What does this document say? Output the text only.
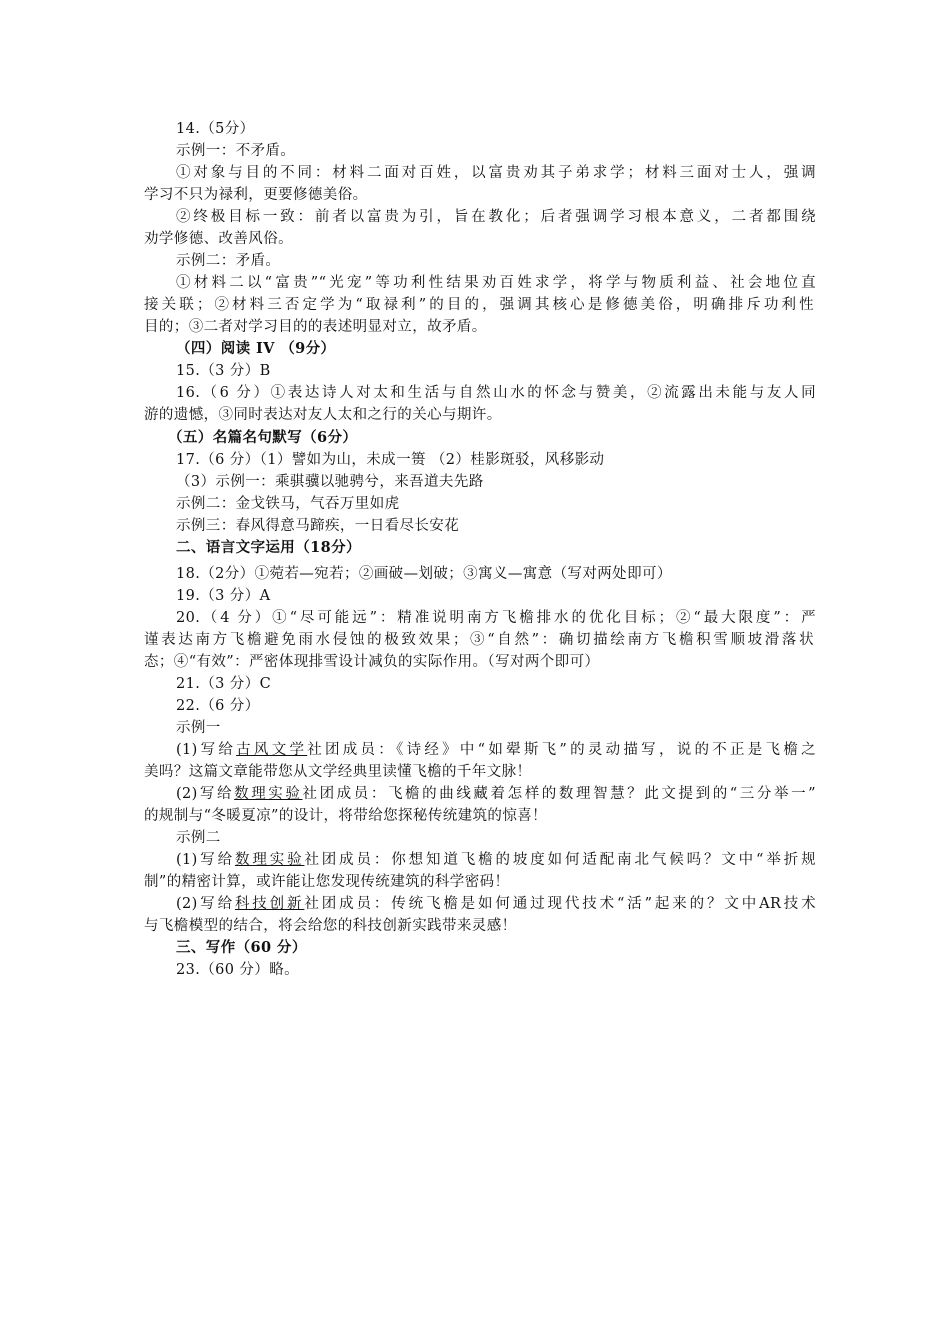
14.（5分）
示例一：不矛盾。
①对象与目的不同：材料二面对百姓，以富贵劝其子弟求学；材料三面对士人，强调
学习不只为禄利，更要修德美俗。
②终极目标一致：前者以富贵为引，旨在教化；后者强调学习根本意义，二者都围绕
劝学修德、改善风俗。
示例二：矛盾。
①材料二以“富贵”“光宠”等功利性结果劝百姓求学，将学与物质利益、社会地位直
接关联；②材料三否定学为“取禄利”的目的，强调其核心是修德美俗，明确排斥功利性
目的；③二者对学习目的的表述明显对立，故矛盾。
（四）阅读 IV （9分）
15.（3 分）B
16.（6 分）①表达诗人对太和生活与自然山水的怀念与赞美，②流露出未能与友人同
游的遗憾，③同时表达对友人太和之行的关心与期许。
（五）名篇名句默写（6分）
17.（6 分）（1）譬如为山，未成一篑 （2）桂影斑驳，风移影动
（3）示例一：乘骐骥以驰骋兮，来吾道夫先路
示例二：金戈铁马，气吞万里如虎
示例三：春风得意马蹄疾，一日看尽长安花
二、语言文字运用（18分）
18.（2分）①菀若—宛若；②画破—划破；③寓义—寓意（写对两处即可）
19.（3 分）A
20.（4 分）①“尽可能远”：精准说明南方飞檐排水的优化目标；②“最大限度”：严
谨表达南方飞檐避免雨水侵蚀的极致效果；③“自然”：确切描绘南方飞檐积雪顺坡滑落状
态；④“有效”：严密体现排雪设计减负的实际作用。（写对两个即可）
21.（3 分）C
22.（6 分）
示例一
(1)写给古风文学社团成员：《诗经》中“如翚斯飞”的灵动描写，说的不正是飞檐之
美吗？这篇文章能带您从文学经典里读懂飞檐的千年文脉！
(2)写给数理实验社团成员：飞檐的曲线藏着怎样的数理智慧？此文提到的“三分举一”
的规制与“冬暖夏凉”的设计，将带给您探秘传统建筑的惊喜！
示例二
(1)写给数理实验社团成员：你想知道飞檐的坡度如何适配南北气候吗？文中“举折规
制”的精密计算，或许能让您发现传统建筑的科学密码！
(2)写给科技创新社团成员：传统飞檐是如何通过现代技术“活”起来的？文中AR技术
与飞檐模型的结合，将会给您的科技创新实践带来灵感！
三、写作（60 分）
23.（60 分）略。
